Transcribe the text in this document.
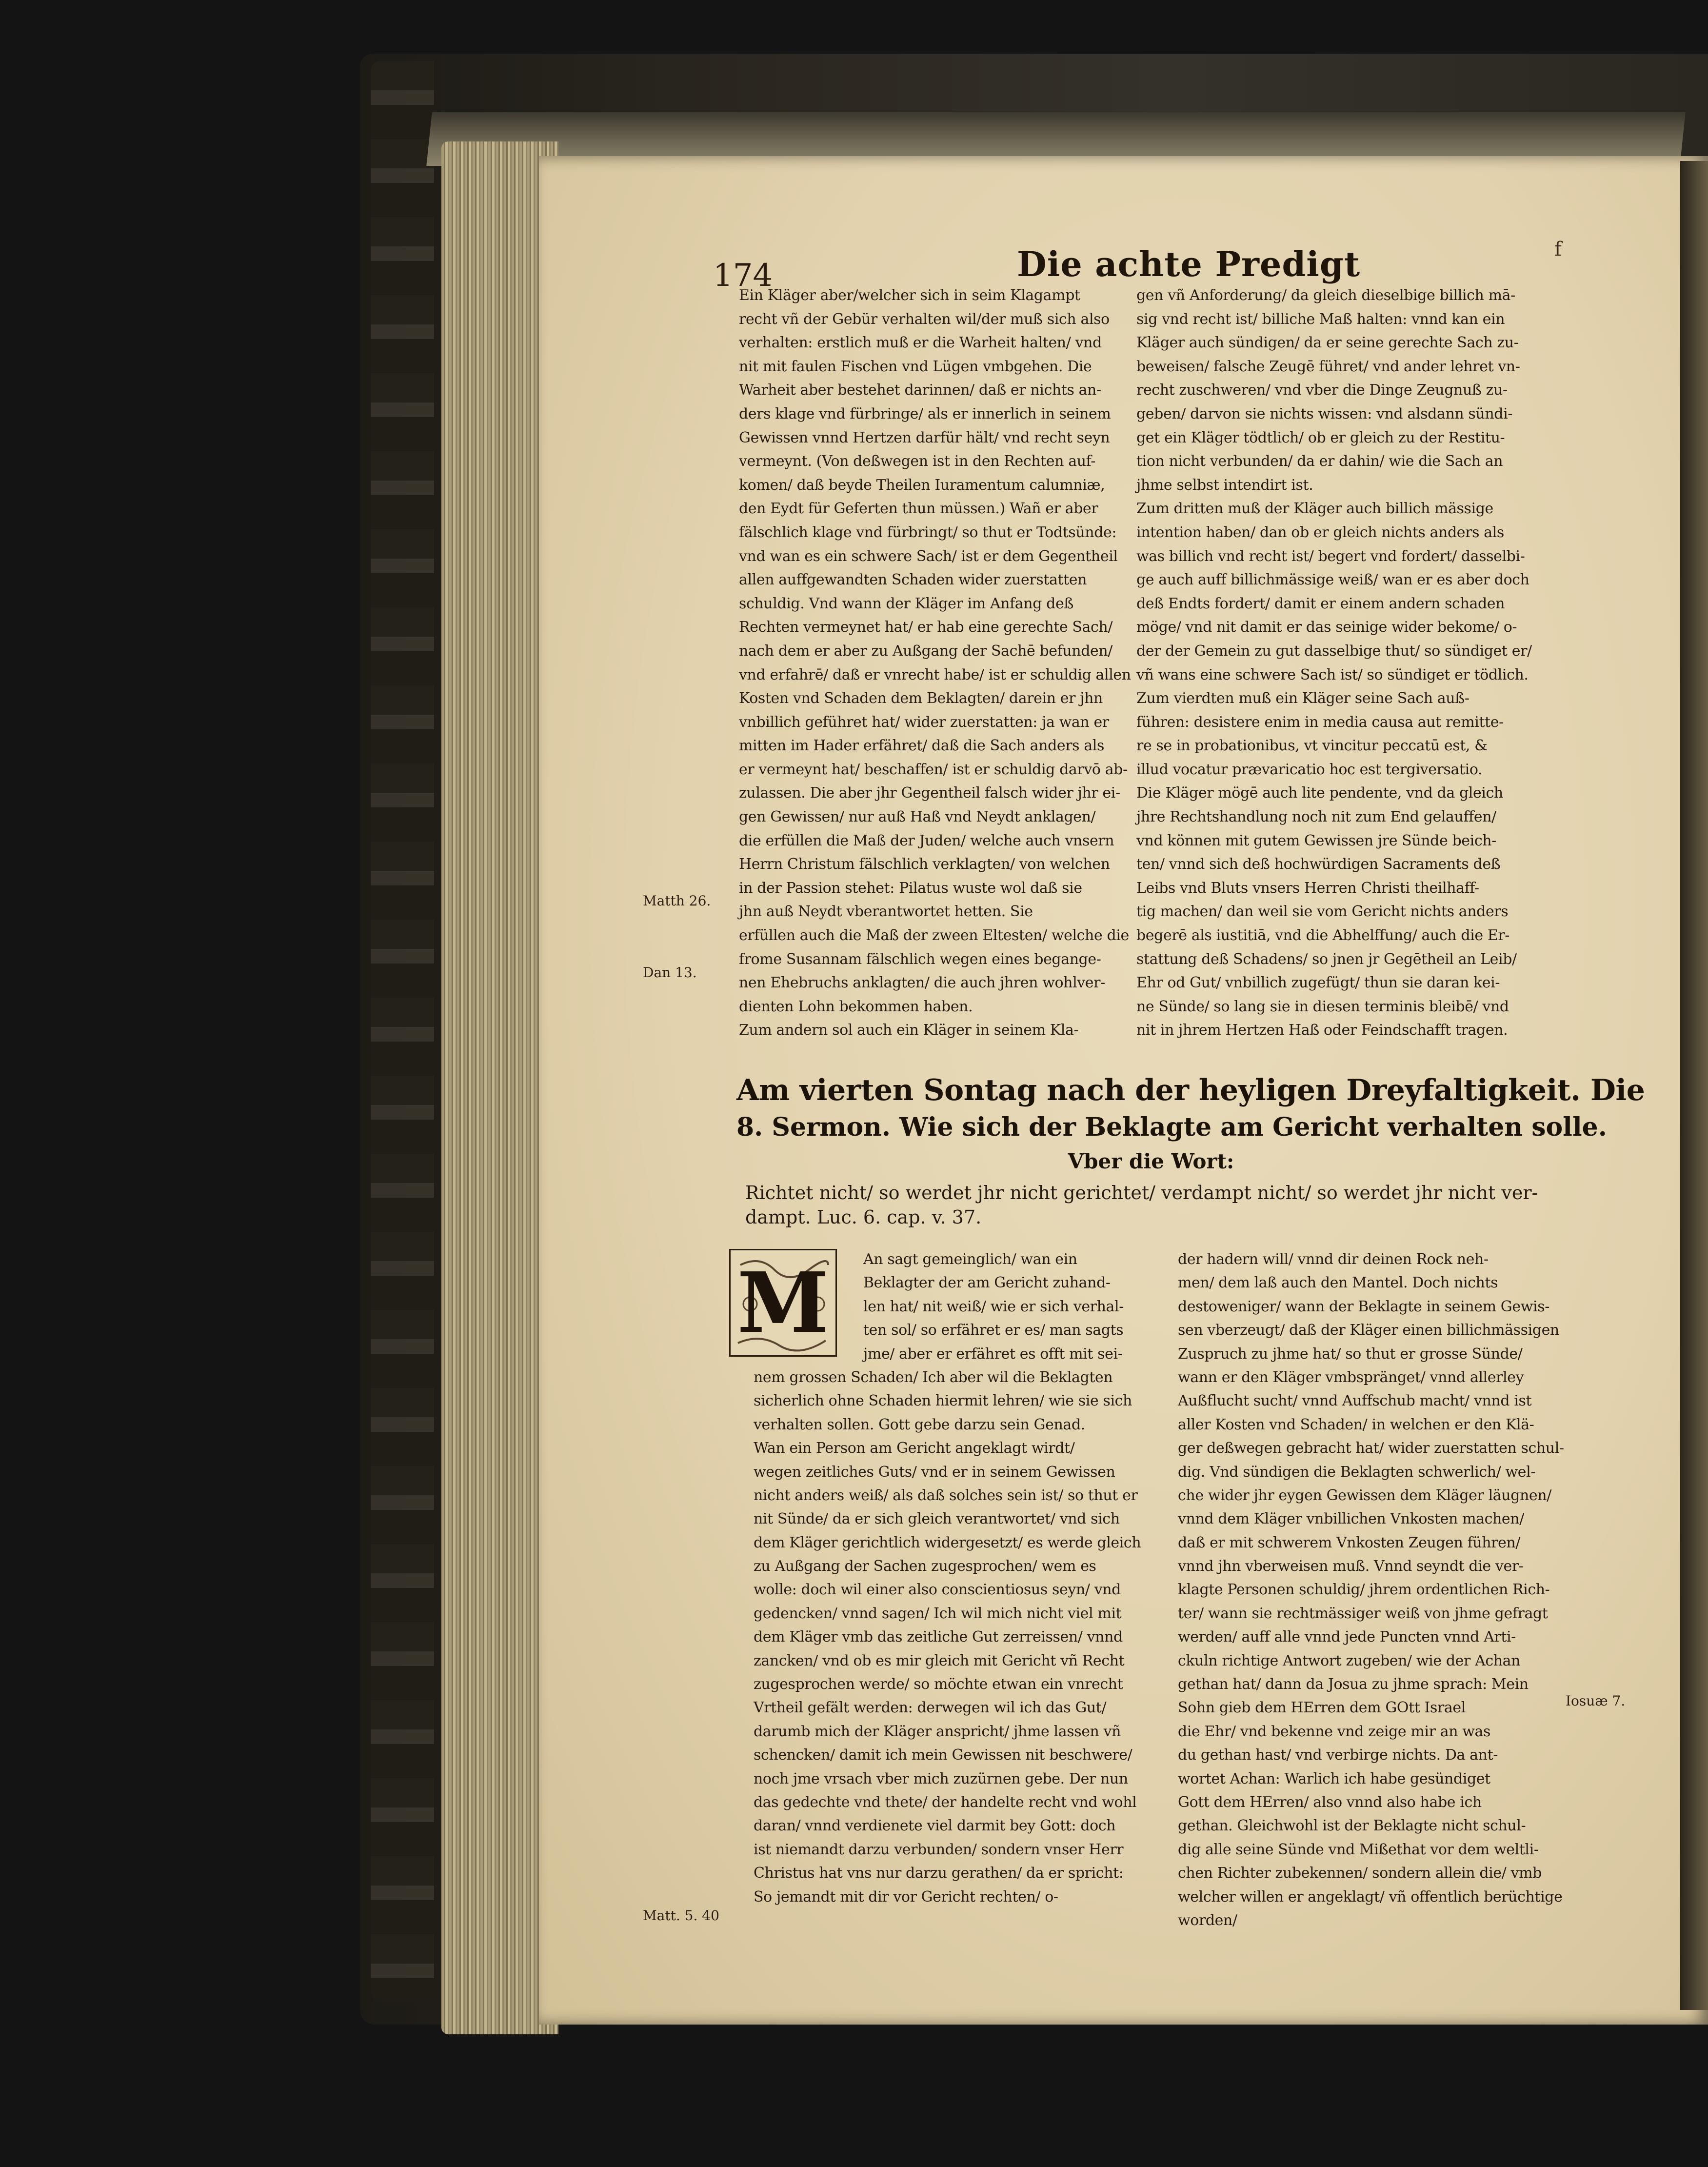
174	Die achte Predigt	f
Ein Kläger aber/welcher sich in seim Klagampt
recht vñ der Gebür verhalten wil/der muß sich also
verhalten: erstlich muß er die Warheit halten/ vnd
nit mit faulen Fischen vnd Lügen vmbgehen. Die
Warheit aber bestehet darinnen/ daß er nichts an-
ders klage vnd fürbringe/ als er innerlich in seinem
Gewissen vnnd Hertzen darfür hält/ vnd recht seyn
vermeynt. (Von deßwegen ist in den Rechten auf-
komen/ daß beyde Theilen Iuramentum calumniæ,
den Eydt für Geferten thun müssen.) Wañ er aber
fälschlich klage vnd fürbringt/ so thut er Todtsünde:
vnd wan es ein schwere Sach/ ist er dem Gegentheil
allen auffgewandten Schaden wider zuerstatten
schuldig. Vnd wann der Kläger im Anfang deß
Rechten vermeynet hat/ er hab eine gerechte Sach/
nach dem er aber zu Außgang der Sachē befunden/
vnd erfahrē/ daß er vnrecht habe/ ist er schuldig allen
Kosten vnd Schaden dem Beklagten/ darein er jhn
vnbillich geführet hat/ wider zuerstatten: ja wan er
mitten im Hader erfähret/ daß die Sach anders als
er vermeynt hat/ beschaffen/ ist er schuldig darvō ab-
zulassen. Die aber jhr Gegentheil falsch wider jhr ei-
gen Gewissen/ nur auß Haß vnd Neydt anklagen/
die erfüllen die Maß der Juden/ welche auch vnsern
Herrn Christum fälschlich verklagten/ von welchen
in der Passion stehet: Pilatus wuste wol daß sie
jhn auß Neydt vberantwortet hetten. Sie
erfüllen auch die Maß der zween Eltesten/ welche die
frome Susannam fälschlich wegen eines begange-
nen Ehebruchs anklagten/ die auch jhren wohlver-
dienten Lohn bekommen haben.
Zum andern sol auch ein Kläger in seinem Kla-
gen vñ Anforderung/ da gleich dieselbige billich mā-
sig vnd recht ist/ billiche Maß halten: vnnd kan ein
Kläger auch sündigen/ da er seine gerechte Sach zu-
beweisen/ falsche Zeugē führet/ vnd ander lehret vn-
recht zuschweren/ vnd vber die Dinge Zeugnuß zu-
geben/ darvon sie nichts wissen: vnd alsdann sündi-
get ein Kläger tödtlich/ ob er gleich zu der Restitu-
tion nicht verbunden/ da er dahin/ wie die Sach an
jhme selbst intendirt ist.
Zum dritten muß der Kläger auch billich mässige
intention haben/ dan ob er gleich nichts anders als
was billich vnd recht ist/ begert vnd fordert/ dasselbi-
ge auch auff billichmässige weiß/ wan er es aber doch
deß Endts fordert/ damit er einem andern schaden
möge/ vnd nit damit er das seinige wider bekome/ o-
der der Gemein zu gut dasselbige thut/ so sündiget er/
vñ wans eine schwere Sach ist/ so sündiget er tödlich.
Zum vierdten muß ein Kläger seine Sach auß-
führen: desistere enim in media causa aut remitte-
re se in probationibus, vt vincitur peccatū est, &
illud vocatur prævaricatio hoc est tergiversatio.
Die Kläger mögē auch lite pendente, vnd da gleich
jhre Rechtshandlung noch nit zum End gelauffen/
vnd können mit gutem Gewissen jre Sünde beich-
ten/ vnnd sich deß hochwürdigen Sacraments deß
Leibs vnd Bluts vnsers Herren Christi theilhaff-
tig machen/ dan weil sie vom Gericht nichts anders
begerē als iustitiā, vnd die Abhelffung/ auch die Er-
stattung deß Schadens/ so jnen jr Gegētheil an Leib/
Ehr od Gut/ vnbillich zugefügt/ thun sie daran kei-
ne Sünde/ so lang sie in diesen terminis bleibē/ vnd
nit in jhrem Hertzen Haß oder Feindschafft tragen.
Matth 26.
Dan 13.
Iosuæ 7.
Matt. 5. 40
Am vierten Sontag nach der heyligen Dreyfaltigkeit. Die
8. Sermon. Wie sich der Beklagte am Gericht verhalten solle.
Vber die Wort:
Richtet nicht/ so werdet jhr nicht gerichtet/ verdampt nicht/ so werdet jhr nicht ver-
dampt. Luc. 6. cap. v. 37.
M	An sagt gemeinglich/ wan ein
Beklagter der am Gericht zuhand-
len hat/ nit weiß/ wie er sich verhal-
ten sol/ so erfähret er es/ man sagts
jme/ aber er erfähret es offt mit sei-
nem grossen Schaden/ Ich aber wil die Beklagten
sicherlich ohne Schaden hiermit lehren/ wie sie sich
verhalten sollen. Gott gebe darzu sein Genad.
Wan ein Person am Gericht angeklagt wirdt/
wegen zeitliches Guts/ vnd er in seinem Gewissen
nicht anders weiß/ als daß solches sein ist/ so thut er
nit Sünde/ da er sich gleich verantwortet/ vnd sich
dem Kläger gerichtlich widergesetzt/ es werde gleich
zu Außgang der Sachen zugesprochen/ wem es
wolle: doch wil einer also conscientiosus seyn/ vnd
gedencken/ vnnd sagen/ Ich wil mich nicht viel mit
dem Kläger vmb das zeitliche Gut zerreissen/ vnnd
zancken/ vnd ob es mir gleich mit Gericht vñ Recht
zugesprochen werde/ so möchte etwan ein vnrecht
Vrtheil gefält werden: derwegen wil ich das Gut/
darumb mich der Kläger anspricht/ jhme lassen vñ
schencken/ damit ich mein Gewissen nit beschwere/
noch jme vrsach vber mich zuzürnen gebe. Der nun
das gedechte vnd thete/ der handelte recht vnd wohl
daran/ vnnd verdienete viel darmit bey Gott: doch
ist niemandt darzu verbunden/ sondern vnser Herr
Christus hat vns nur darzu gerathen/ da er spricht:
So jemandt mit dir vor Gericht rechten/ o-
der hadern will/ vnnd dir deinen Rock neh-
men/ dem laß auch den Mantel. Doch nichts
destoweniger/ wann der Beklagte in seinem Gewis-
sen vberzeugt/ daß der Kläger einen billichmässigen
Zuspruch zu jhme hat/ so thut er grosse Sünde/
wann er den Kläger vmbspränget/ vnnd allerley
Außflucht sucht/ vnnd Auffschub macht/ vnnd ist
aller Kosten vnd Schaden/ in welchen er den Klä-
ger deßwegen gebracht hat/ wider zuerstatten schul-
dig. Vnd sündigen die Beklagten schwerlich/ wel-
che wider jhr eygen Gewissen dem Kläger läugnen/
vnnd dem Kläger vnbillichen Vnkosten machen/
daß er mit schwerem Vnkosten Zeugen führen/
vnnd jhn vberweisen muß. Vnnd seyndt die ver-
klagte Personen schuldig/ jhrem ordentlichen Rich-
ter/ wann sie rechtmässiger weiß von jhme gefragt
werden/ auff alle vnnd jede Puncten vnnd Arti-
ckuln richtige Antwort zugeben/ wie der Achan
gethan hat/ dann da Josua zu jhme sprach: Mein
Sohn gieb dem HErren dem GOtt Israel
die Ehr/ vnd bekenne vnd zeige mir an was
du gethan hast/ vnd verbirge nichts. Da ant-
wortet Achan: Warlich ich habe gesündiget
Gott dem HErren/ also vnnd also habe ich
gethan. Gleichwohl ist der Beklagte nicht schul-
dig alle seine Sünde vnd Mißethat vor dem weltli-
chen Richter zubekennen/ sondern allein die/ vmb
welcher willen er angeklagt/ vñ offentlich berüchtige
worden/
